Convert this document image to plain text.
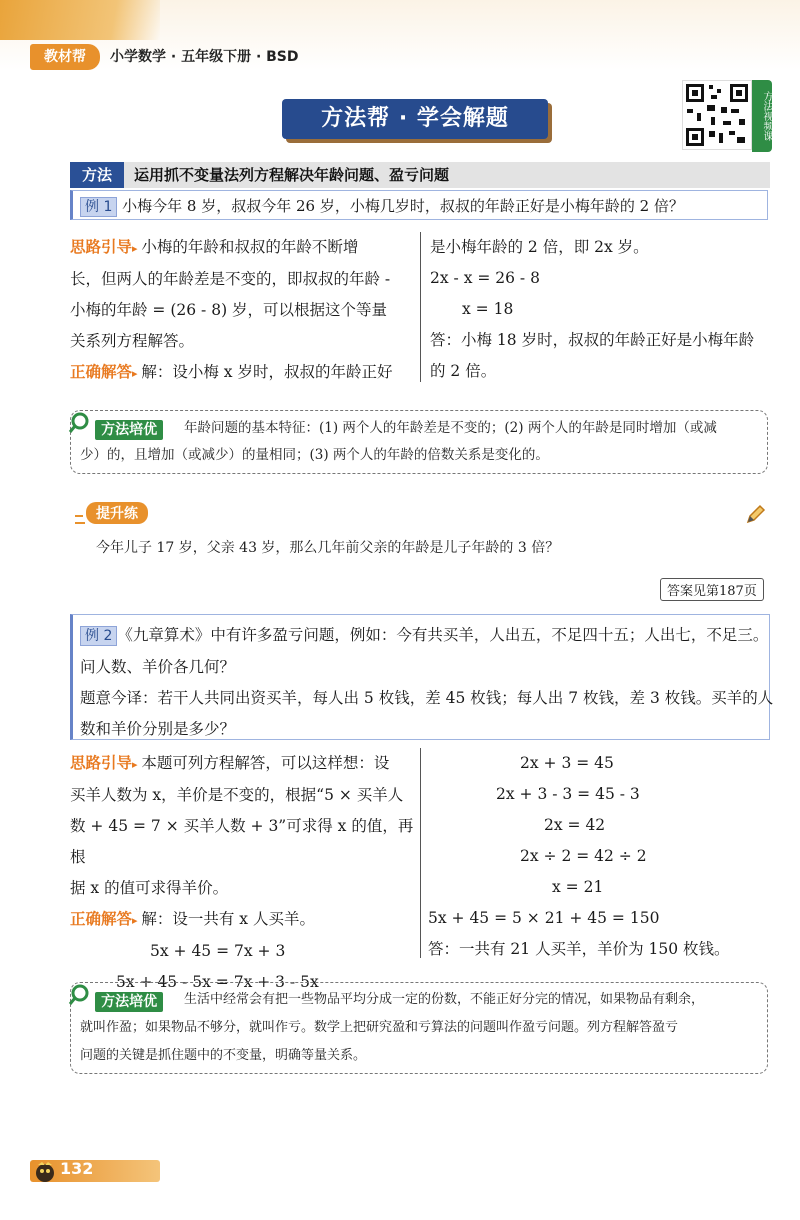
教材帮	小学数学 · 五年级下册 · BSD
方法帮 · 学会解题	方法视频课
方法	运用抓不变量法列方程解决年龄问题、盈亏问题
例 1 小梅今年 8 岁，叔叔今年 26 岁，小梅几岁时，叔叔的年龄正好是小梅年龄的 2 倍？
思路引导▸ 小梅的年龄和叔叔的年龄不断增
长，但两人的年龄差是不变的，即叔叔的年龄 -
小梅的年龄 = (26 - 8) 岁，可以根据这个等量
关系列方程解答。
正确解答▸ 解：设小梅 x 岁时，叔叔的年龄正好
是小梅年龄的 2 倍，即 2x 岁。
2x - x = 26 - 8
x = 18
答：小梅 18 岁时，叔叔的年龄正好是小梅年龄
的 2 倍。
方法培优	年龄问题的基本特征：(1) 两个人的年龄差是不变的；(2) 两个人的年龄是同时增加（或减
少）的，且增加（或减少）的量相同；(3) 两个人的年龄的倍数关系是变化的。
提升练
今年儿子 17 岁，父亲 43 岁，那么几年前父亲的年龄是儿子年龄的 3 倍？
答案见第187页
例 2 《九章算术》中有许多盈亏问题，例如：今有共买羊，人出五，不足四十五；人出七，不足三。
问人数、羊价各几何？
题意今译：若干人共同出资买羊，每人出 5 枚钱，差 45 枚钱；每人出 7 枚钱，差 3 枚钱。买羊的人
数和羊价分别是多少？
思路引导▸ 本题可列方程解答，可以这样想：设
买羊人数为 x，羊价是不变的，根据“5 × 买羊人
数 + 45 = 7 × 买羊人数 + 3”可求得 x 的值，再根
据 x 的值可求得羊价。
正确解答▸ 解：设一共有 x 人买羊。
5x + 45 = 7x + 3
5x + 45 - 5x = 7x + 3 - 5x
2x + 3 = 45
2x + 3 - 3 = 45 - 3
2x = 42
2x ÷ 2 = 42 ÷ 2
x = 21
5x + 45 = 5 × 21 + 45 = 150
答：一共有 21 人买羊，羊价为 150 枚钱。
方法培优	生活中经常会有把一些物品平均分成一定的份数，不能正好分完的情况，如果物品有剩余，
就叫作盈；如果物品不够分，就叫作亏。数学上把研究盈和亏算法的问题叫作盈亏问题。列方程解答盈亏
问题的关键是抓住题中的不变量，明确等量关系。
132
